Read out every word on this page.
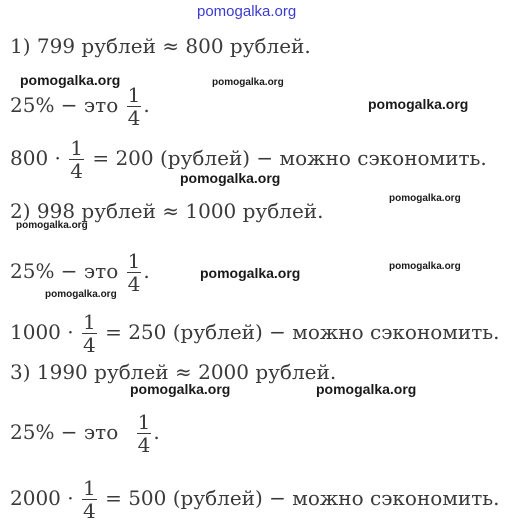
pomogalka.org
pomogalka.org	pomogalka.org
pomogalka.org
pomogalka.org
pomogalka.org
pomogalka.org
pomogalka.org	pomogalka.org
pomogalka.org
pomogalka.org	pomogalka.org
1) 799 рублей ≈ 800 рублей.
25% − это $\frac{1}{4}$ .
$800 \cdot \frac{1}{4} = 200$ (рублей) − можно сэкономить.
2) 998 рублей ≈ 1000 рублей.
25% − это $\frac{1}{4}$ .
$1000 \cdot \frac{1}{4} = 250$ (рублей) − можно сэкономить.
3) 1990 рублей ≈ 2000 рублей.
25% − это $\frac{1}{4}$ .
$2000 \cdot \frac{1}{4} = 500$ (рублей) − можно сэкономить.
